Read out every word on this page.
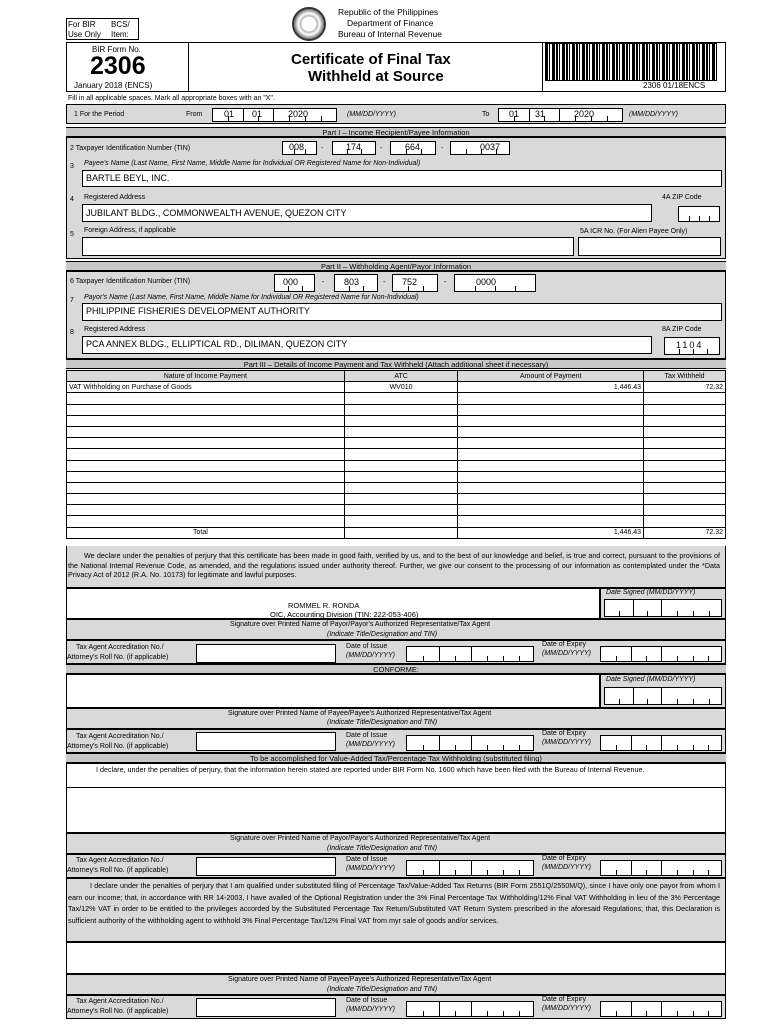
For BIR
Use Only
BCS/
Item:
Republic of the Philippines
Department of Finance
Bureau of Internal Revenue
BIR Form No.
2306
January 2018 (ENCS)
Certificate of Final Tax
Withheld at Source
2306 01/18ENCS
Fill in all applicable spaces. Mark all appropriate boxes with an "X".
1 For the Period	From 01 01	2020	(MM/DD/YYYY)	To 01 31	2020	(MM/DD/YYYY)
Part I – Income Recipient/Payee Information
2 Taxpayer Identification Number (TIN)	-	-	-
008	174	664	0037
3 Payee's Name (Last Name, First Name, Middle Name for Individual OR Registered Name for Non-Individual)
BARTLE BEYL, INC.
4 Registered Address	4A ZIP Code
JUBILANT BLDG., COMMONWEALTH AVENUE, QUEZON CITY
5
Foreign Address, if applicable	5A ICR No. (For Alien Payee Only)
Part II – Withholding Agent/Payor Information
6 Taxpayer Identification Number (TIN)	-	-	-
000	803	752	0000
7 Payor's Name (Last Name, First Name, Middle Name for Individual OR Registered Name for Non-Individual)
PHILIPPINE FISHERIES DEVELOPMENT AUTHORITY
8 Registered Address	8A ZIP Code
PCA ANNEX BLDG., ELLIPTICAL RD., DILIMAN, QUEZON CITY	1104
Part III – Details of Income Payment and Tax Withheld (Attach additional sheet if necessary)
Nature of Income Payment	ATC	Amount of Payment	Tax Withheld
VAT Withholding on Purchase of Goods	WV010	1,446.43	72.32

Total		1,446.43	72.32
We declare under the penalties of perjury that this certificate has been made in good faith, verified by us, and to the best of our knowledge and belief, is true and correct, pursuant to the provisions of the National Internal Revenue Code, as amended, and the regulations issued under authority thereof. Further, we give our consent to the processing of our information as contemplated under the *Data Privacy Act of 2012 (R.A. No. 10173) for legitimate and lawful purposes.
Date Signed (MM/DD/YYYY)
ROMMEL R. RONDA
OIC, Accounting Division (TIN: 222-053-406)
Signature over Printed Name of Payor/Payor's Authorized Representative/Tax Agent
(Indicate Title/Designation and TIN)
Tax Agent Accreditation No./
Attorney's Roll No. (if applicable)
Date of Issue
(MM/DD/YYYY)
Date of Expiry
(MM/DD/YYYY)
CONFORME:
Date Signed (MM/DD/YYYY)
Signature over Printed Name of Payee/Payee's Authorized Representative/Tax Agent
(Indicate Title/Designation and TIN)
Tax Agent Accreditation No./
Attorney's Roll No. (if applicable)
Date of Issue
(MM/DD/YYYY)
Date of Expiry
(MM/DD/YYYY)
To be accomplished for Value-Added Tax/Percentage Tax Withholding (substituted filing)
I declare, under the penalties of perjury, that the information herein stated are reported under BIR Form No. 1600 which have been filed with the Bureau of Internal Revenue.
Signature over Printed Name of Payor/Payor's Authorized Representative/Tax Agent
(Indicate Title/Designation and TIN)
Tax Agent Accreditation No./
Attorney's Roll No. (if applicable)
Date of Issue
(MM/DD/YYYY)
Date of Expiry
(MM/DD/YYYY)
I declare under the penalties of perjury that I am qualified under substituted filing of Percentage Tax/Value-Added Tax Returns (BIR Form 2551Q/2550M/Q), since I have only one payor from whom I earn our income; that, in accordance with RR 14-2003, I have availed of the Optional Registration under the 3% Final Percentage Tax Withholding/12% Final VAT Withholding in lieu of the 3% Percentage Tax/12% VAT in order to be entitled to the privileges accorded by the Substituted Percentage Tax Return/Substituted VAT Return System prescribed in the aforesaid Regulations; that, this Declaration is sufficient authority of the withholding agent to withhold 3% Final Percentage Tax/12% Final VAT from myr sale of goods and/or services.
Signature over Printed Name of Payee/Payee's Authorized Representative/Tax Agent
(Indicate Title/Designation and TIN)
Tax Agent Accreditation No./
Attorney's Roll No. (if applicable)
Date of Issue
(MM/DD/YYYY)
Date of Expiry
(MM/DD/YYYY)
